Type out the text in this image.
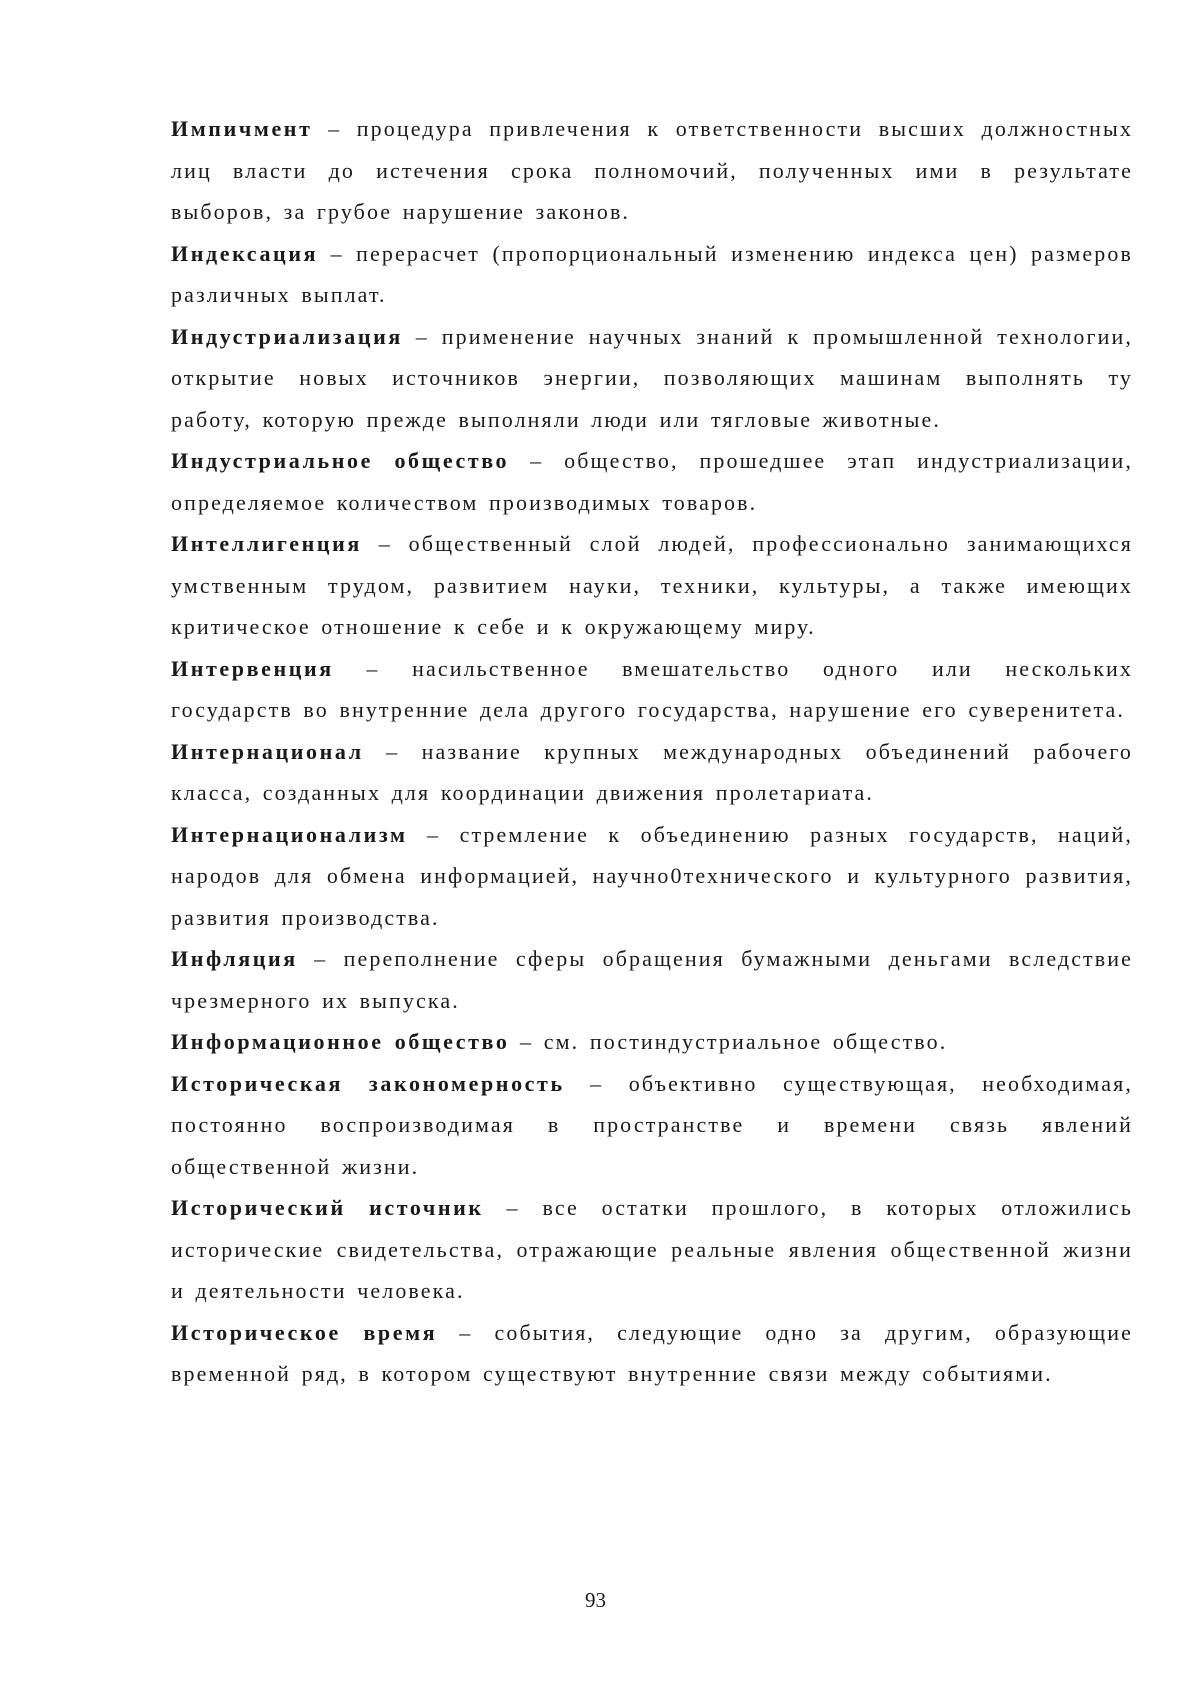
Импичмент – процедура привлечения к ответственности высших должностных лиц власти до истечения срока полномочий, полученных ими в результате выборов, за грубое нарушение законов.

Индексация – перерасчет (пропорциональный изменению индекса цен) размеров различных выплат.

Индустриализация – применение научных знаний к промышленной технологии, открытие новых источников энергии, позволяющих машинам выполнять ту работу, которую прежде выполняли люди или тягловые животные.

Индустриальное общество – общество, прошедшее этап индустриализации, определяемое количеством производимых товаров.

Интеллигенция – общественный слой людей, профессионально занимающихся умственным трудом, развитием науки, техники, культуры, а также имеющих критическое отношение к себе и к окружающему миру.

Интервенция – насильственное вмешательство одного или нескольких государств во внутренние дела другого государства, нарушение его суверенитета.

Интернационал – название крупных международных объединений рабочего класса, созданных для координации движения пролетариата.

Интернационализм – стремление к объединению разных государств, наций, народов для обмена информацией, научно0технического и культурного развития, развития производства.

Инфляция – переполнение сферы обращения бумажными деньгами вследствие чрезмерного их выпуска.

Информационное общество – см. постиндустриальное общество.

Историческая закономерность – объективно существующая, необходимая, постоянно воспроизводимая в пространстве и времени связь явлений общественной жизни.

Исторический источник – все остатки прошлого, в которых отложились исторические свидетельства, отражающие реальные явления общественной жизни и деятельности человека.

Историческое время – события, следующие одно за другим, образующие временной ряд, в котором существуют внутренние связи между событиями.

93
